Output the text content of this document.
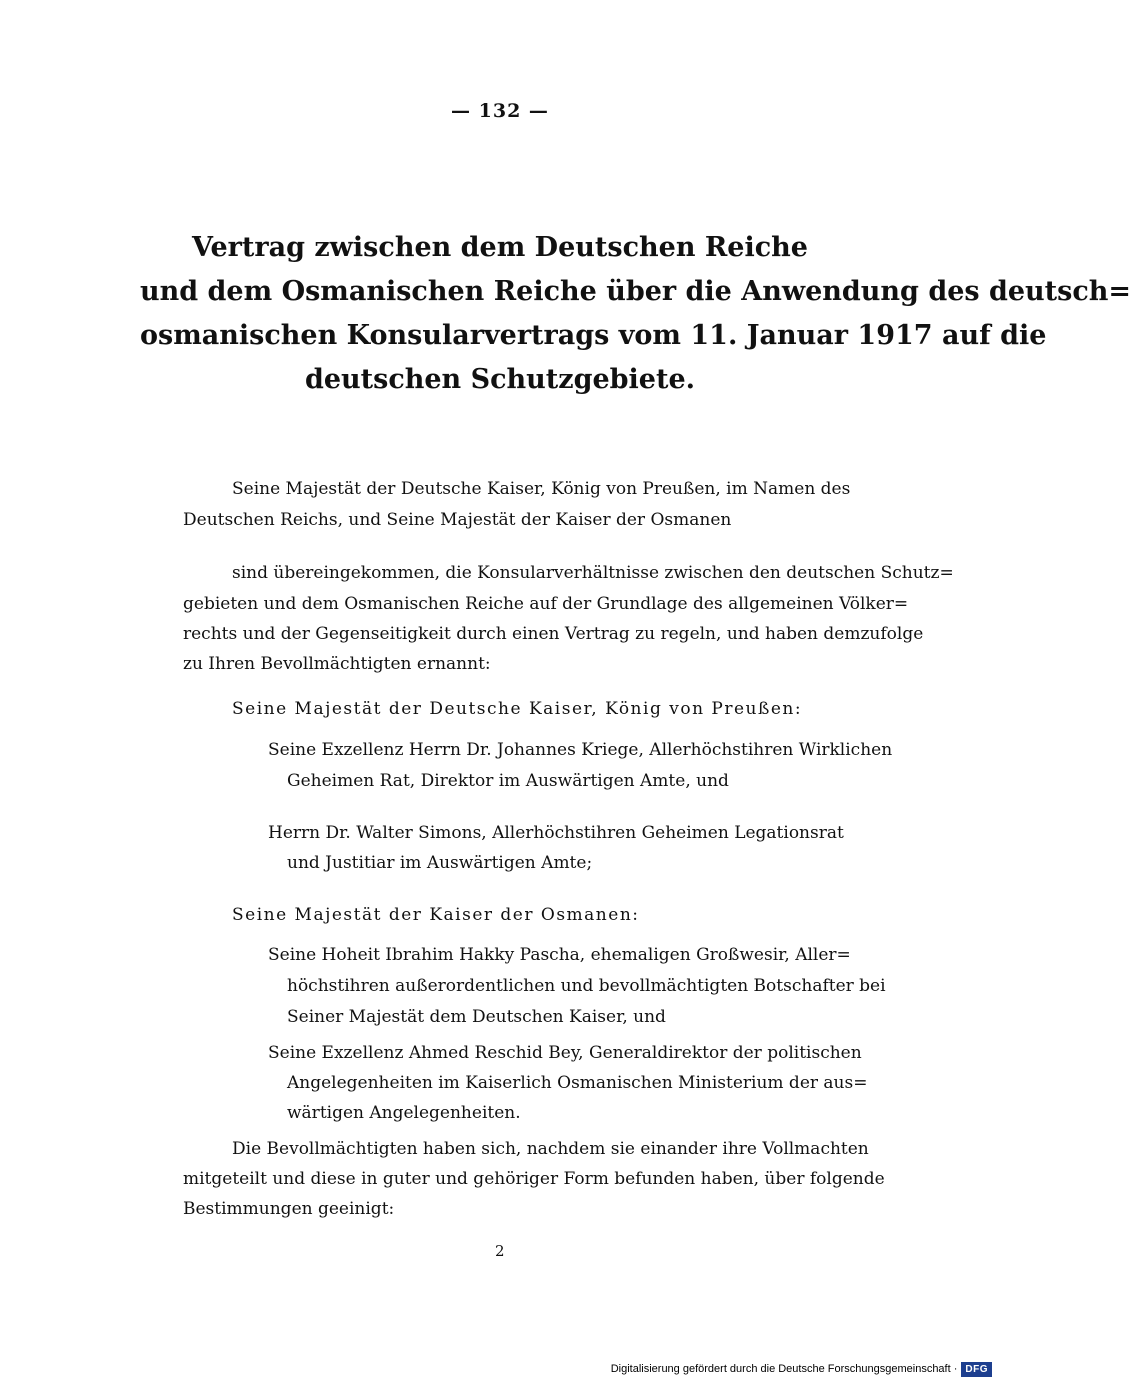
— 132 —
Vertrag zwischen dem Deutschen Reiche
und dem Osmanischen Reiche über die Anwendung des deutsch=
osmanischen Konsularvertrags vom 11. Januar 1917 auf die
deutschen Schutzgebiete.
Seine Majestät der Deutsche Kaiser, König von Preußen, im Namen des
Deutschen Reichs, und Seine Majestät der Kaiser der Osmanen
sind übereingekommen, die Konsularverhältnisse zwischen den deutschen Schutz=
gebieten und dem Osmanischen Reiche auf der Grundlage des allgemeinen Völker=
rechts und der Gegenseitigkeit durch einen Vertrag zu regeln, und haben demzufolge
zu Ihren Bevollmächtigten ernannt:
Seine Majestät der Deutsche Kaiser, König von Preußen:
Seine Exzellenz Herrn Dr. Johannes Kriege, Allerhöchstihren Wirklichen
Geheimen Rat, Direktor im Auswärtigen Amte, und
Herrn Dr. Walter Simons, Allerhöchstihren Geheimen Legationsrat
und Justitiar im Auswärtigen Amte;
Seine Majestät der Kaiser der Osmanen:
Seine Hoheit Ibrahim Hakky Pascha, ehemaligen Großwesir, Aller=
höchstihren außerordentlichen und bevollmächtigten Botschafter bei
Seiner Majestät dem Deutschen Kaiser, und
Seine Exzellenz Ahmed Reschid Bey, Generaldirektor der politischen
Angelegenheiten im Kaiserlich Osmanischen Ministerium der aus=
wärtigen Angelegenheiten.
Die Bevollmächtigten haben sich, nachdem sie einander ihre Vollmachten
mitgeteilt und diese in guter und gehöriger Form befunden haben, über folgende
Bestimmungen geeinigt:
2
Digitalisierung gefördert durch die Deutsche Forschungsgemeinschaft · DFG
